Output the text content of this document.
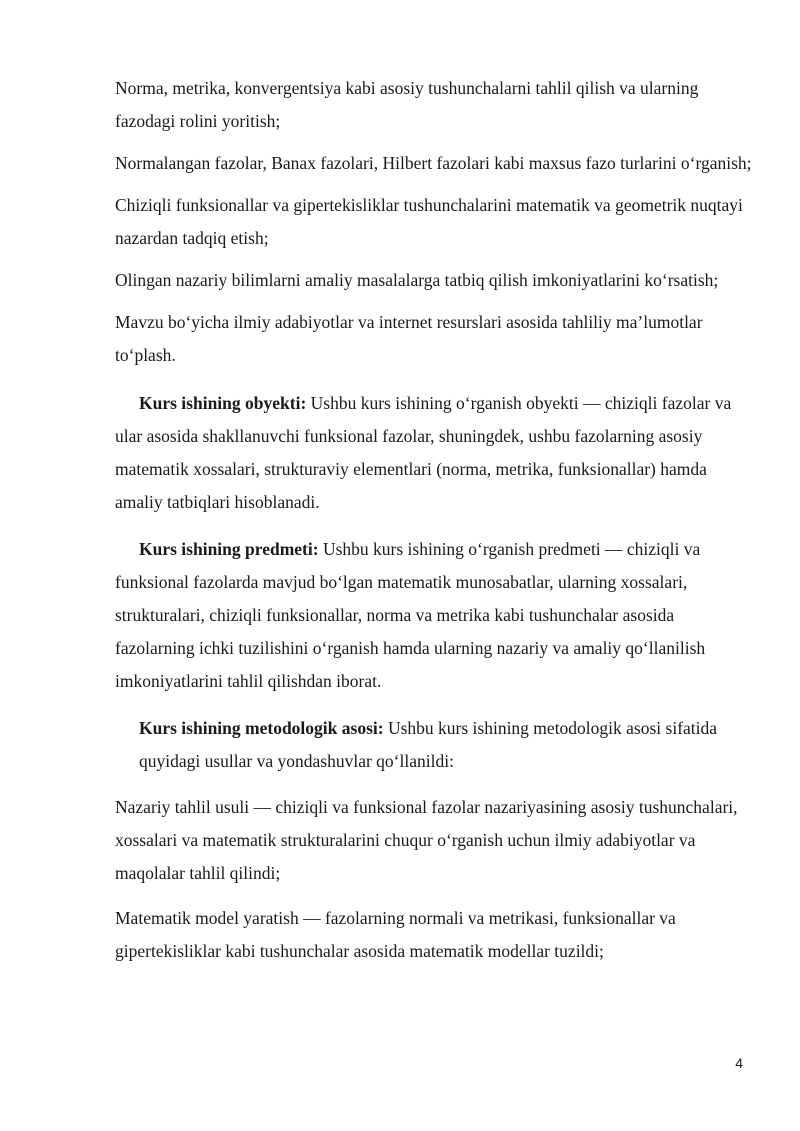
Norma, metrika, konvergentsiya kabi asosiy tushunchalarni tahlil qilish va ularning fazodagi rolini yoritish;

Normalangan fazolar, Banax fazolari, Hilbert fazolari kabi maxsus fazo turlarini o‘rganish;

Chiziqli funksionallar va gipertekisliklar tushunchalarini matematik va geometrik nuqtayi nazardan tadqiq etish;

Olingan nazariy bilimlarni amaliy masalalarga tatbiq qilish imkoniyatlarini ko‘rsatish;

Mavzu bo‘yicha ilmiy adabiyotlar va internet resurslari asosida tahliliy ma’lumotlar to‘plash.

Kurs ishining obyekti: Ushbu kurs ishining o‘rganish obyekti — chiziqli fazolar va ular asosida shakllanuvchi funksional fazolar, shuningdek, ushbu fazolarning asosiy matematik xossalari, strukturaviy elementlari (norma, metrika, funksionallar) hamda amaliy tatbiqlari hisoblanadi.

Kurs ishining predmeti: Ushbu kurs ishining o‘rganish predmeti — chiziqli va funksional fazolarda mavjud bo‘lgan matematik munosabatlar, ularning xossalari, strukturalari, chiziqli funksionallar, norma va metrika kabi tushunchalar asosida fazolarning ichki tuzilishini o‘rganish hamda ularning nazariy va amaliy qo‘llanilish imkoniyatlarini tahlil qilishdan iborat.

Kurs ishining metodologik asosi: Ushbu kurs ishining metodologik asosi sifatida quyidagi usullar va yondashuvlar qo‘llanildi:

Nazariy tahlil usuli — chiziqli va funksional fazolar nazariyasining asosiy tushunchalari, xossalari va matematik strukturalarini chuqur o‘rganish uchun ilmiy adabiyotlar va maqolalar tahlil qilindi;

Matematik model yaratish — fazolarning normali va metrikasi, funksionallar va gipertekisliklar kabi tushunchalar asosida matematik modellar tuzildi;

4
